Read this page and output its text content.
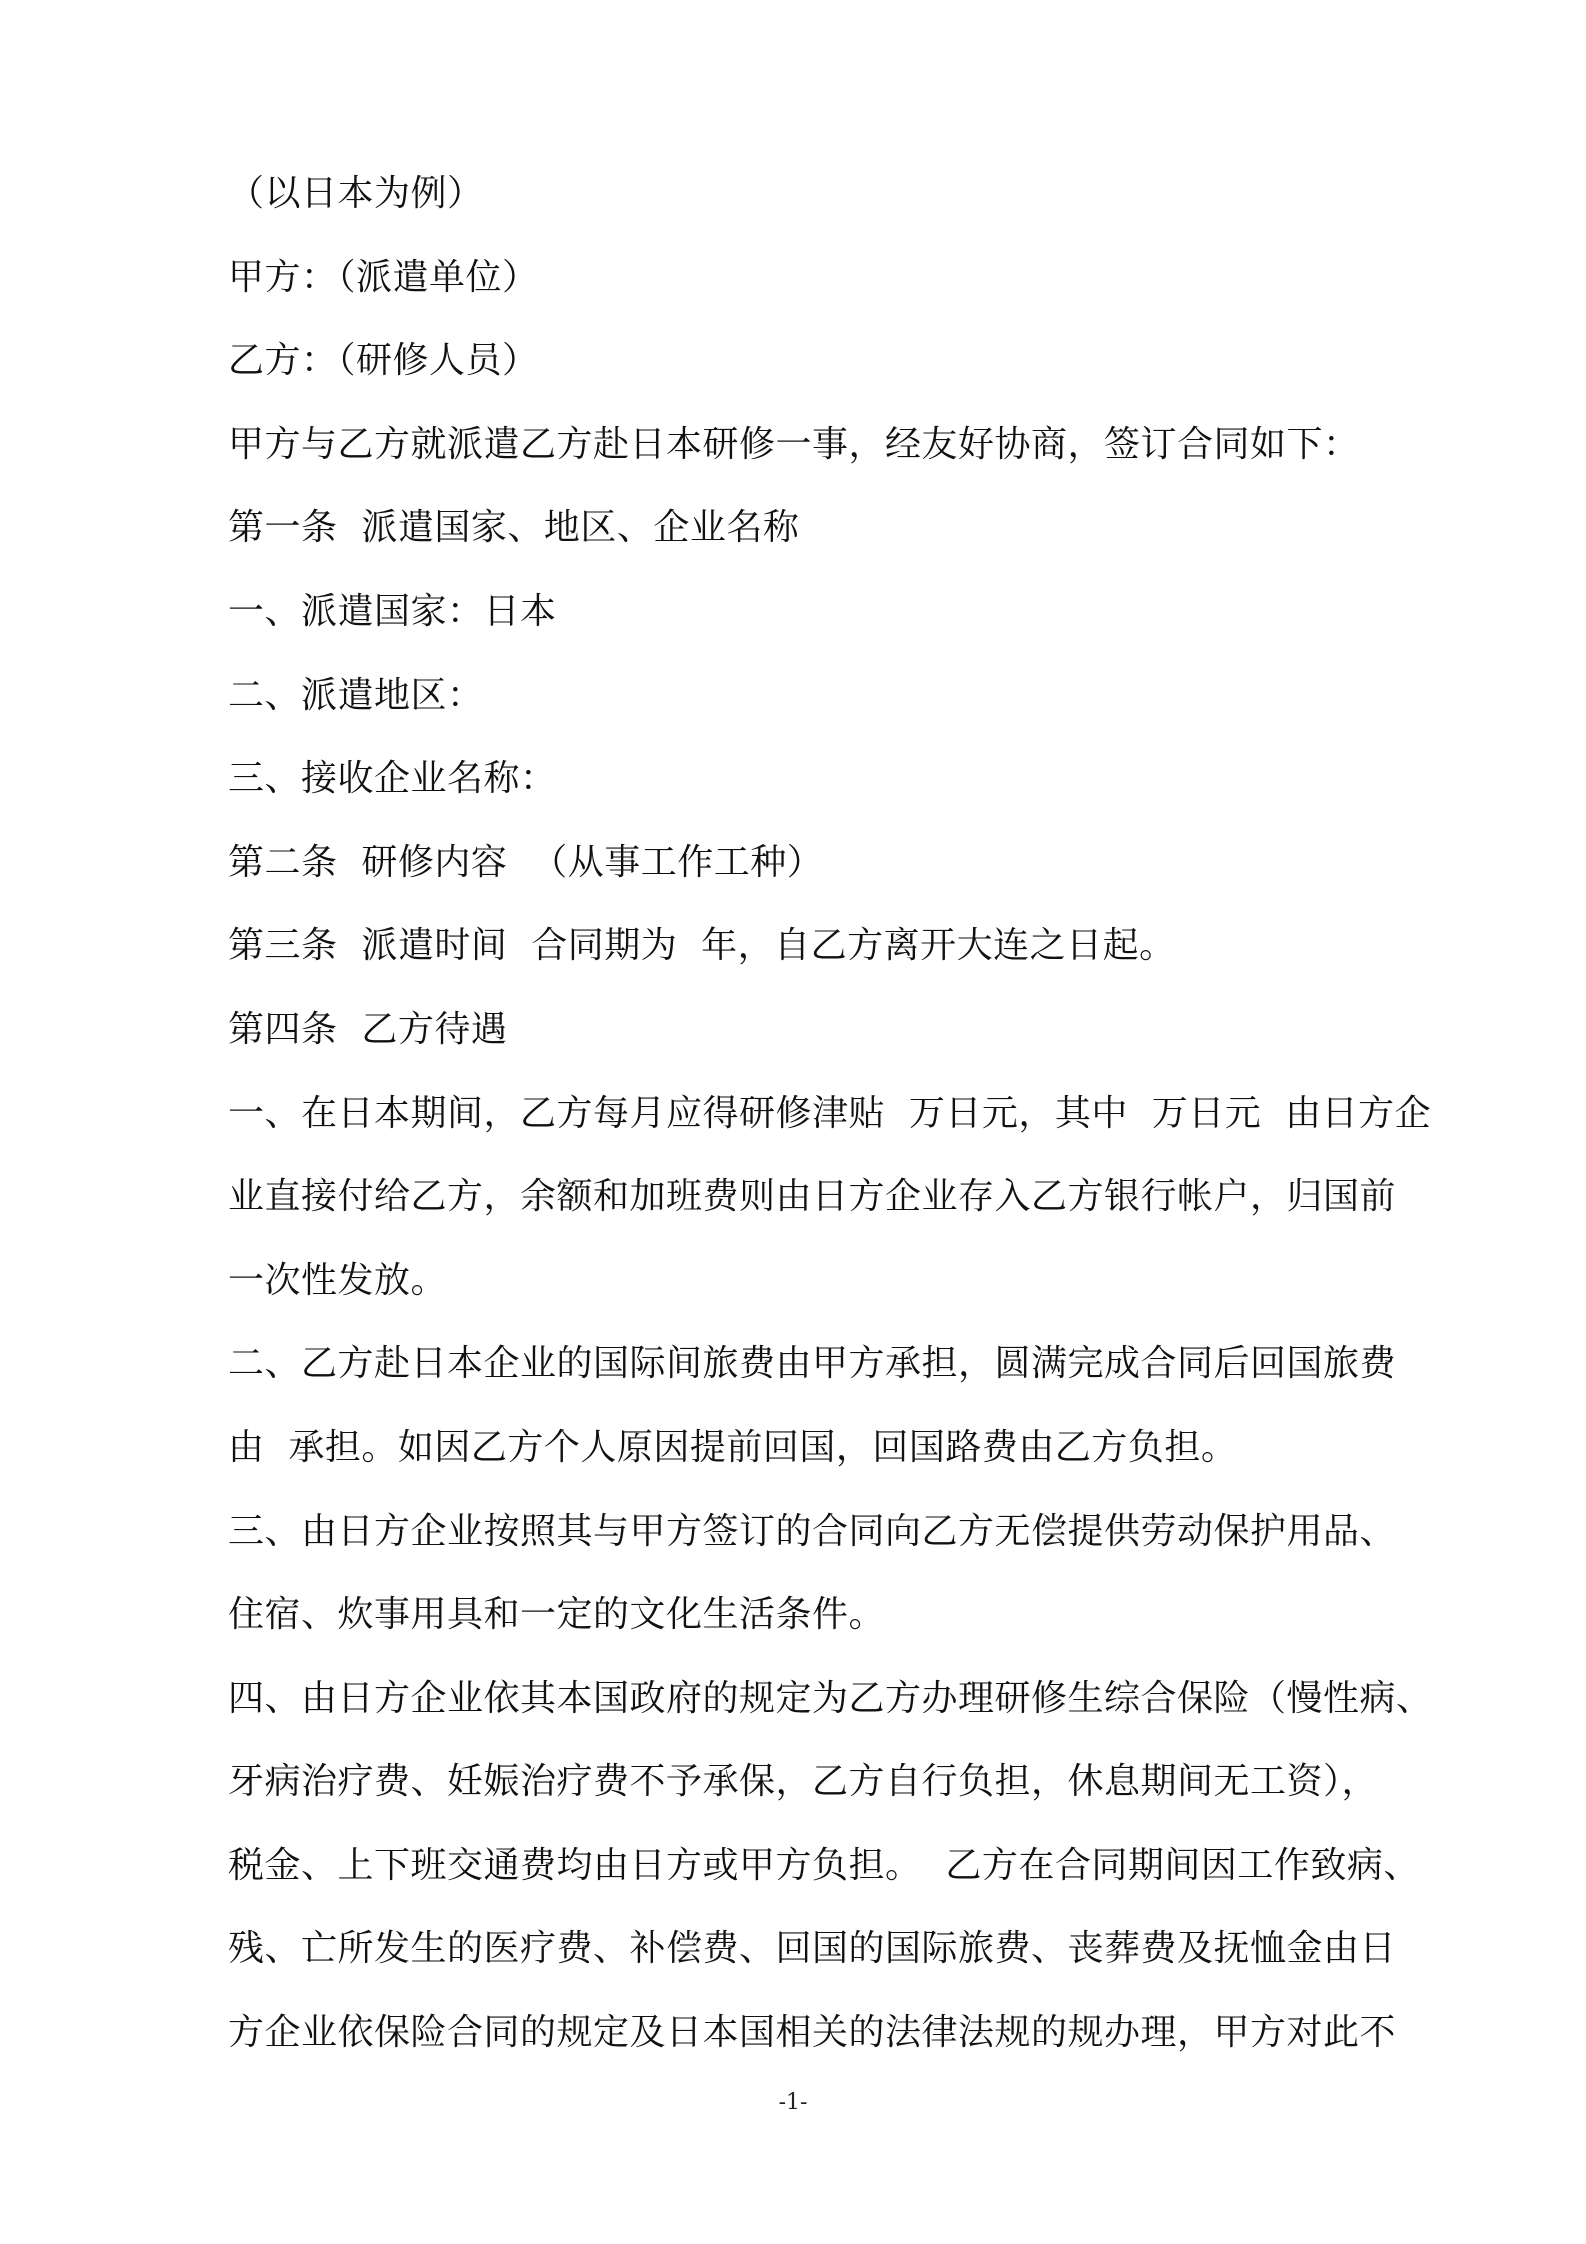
（以日本为例）
甲方：（派遣单位）
乙方：（研修人员）
甲方与乙方就派遣乙方赴日本研修一事，经友好协商，签订合同如下：
第一条  派遣国家、地区、企业名称
一、派遣国家：日本
二、派遣地区：
三、接收企业名称：
第二条  研修内容  （从事工作工种）
第三条  派遣时间  合同期为  年，自乙方离开大连之日起。
第四条  乙方待遇
一、在日本期间，乙方每月应得研修津贴  万日元，其中  万日元  由日方企
业直接付给乙方，余额和加班费则由日方企业存入乙方银行帐户，归国前
一次性发放。
二、乙方赴日本企业的国际间旅费由甲方承担，圆满完成合同后回国旅费
由  承担。如因乙方个人原因提前回国，回国路费由乙方负担。
三、由日方企业按照其与甲方签订的合同向乙方无偿提供劳动保护用品、
住宿、炊事用具和一定的文化生活条件。
四、由日方企业依其本国政府的规定为乙方办理研修生综合保险（慢性病、
牙病治疗费、妊娠治疗费不予承保，乙方自行负担，休息期间无工资），
税金、上下班交通费均由日方或甲方负担。  乙方在合同期间因工作致病、
残、亡所发生的医疗费、补偿费、回国的国际旅费、丧葬费及抚恤金由日
方企业依保险合同的规定及日本国相关的法律法规的规办理，甲方对此不
-1-
